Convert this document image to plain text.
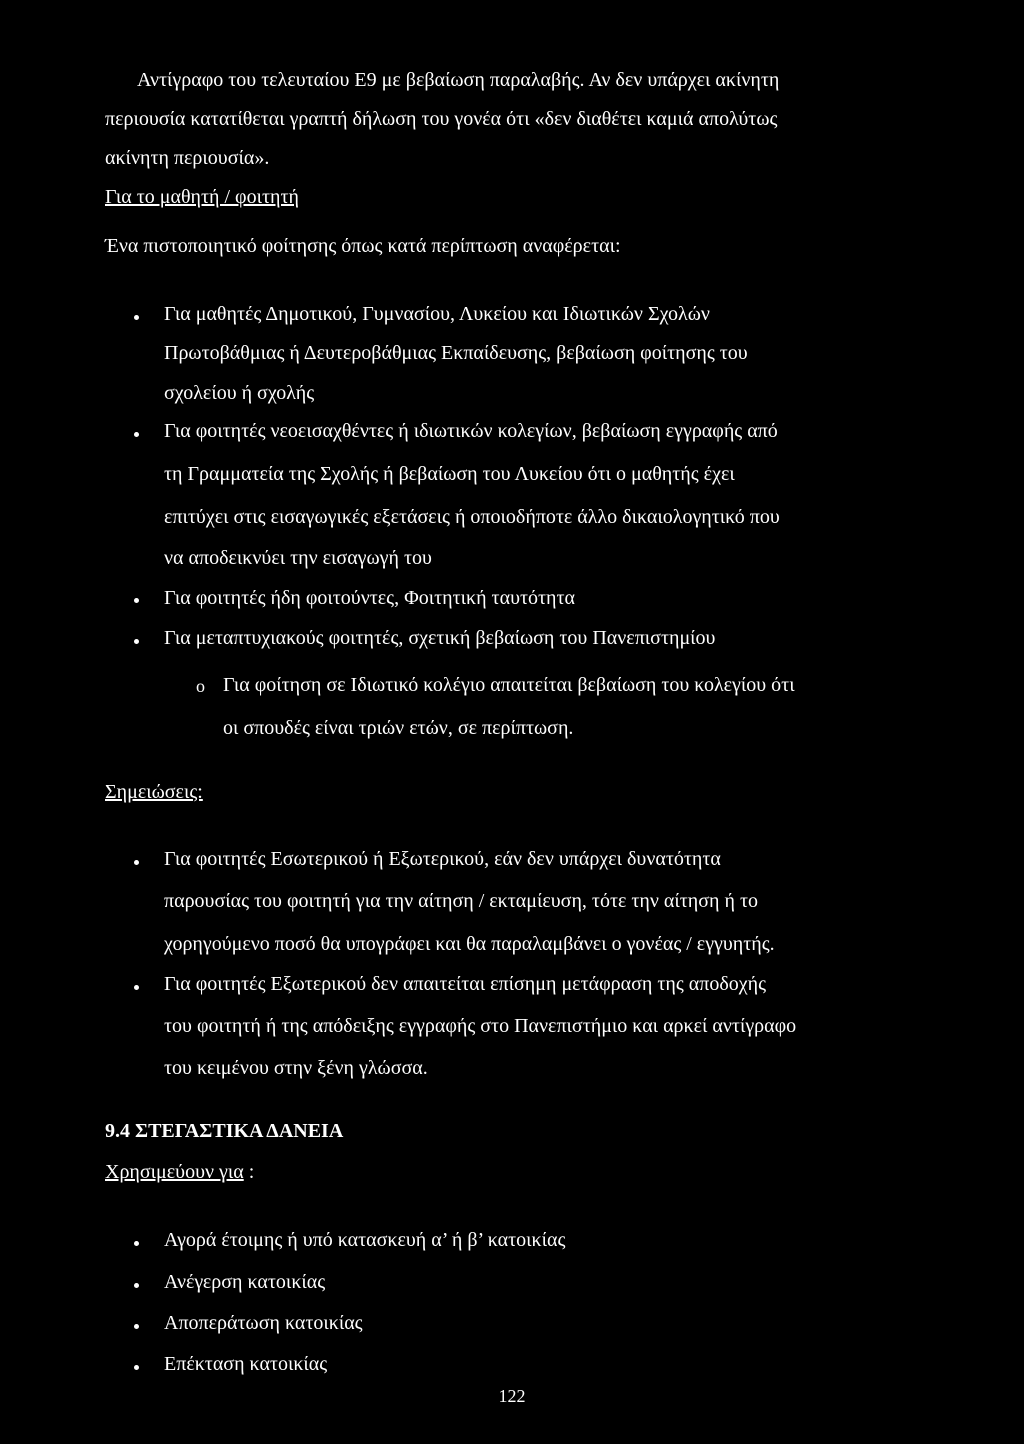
Αντίγραφο του τελευταίου Ε9 με βεβαίωση παραλαβής. Αν δεν υπάρχει ακίνητη

περιουσία κατατίθεται γραπτή δήλωση του γονέα ότι «δεν διαθέτει καμιά απολύτως

ακίνητη περιουσία».

Για το μαθητή / φοιτητή

Ένα πιστοποιητικό φοίτησης όπως κατά περίπτωση αναφέρεται:

Για μαθητές Δημοτικού, Γυμνασίου, Λυκείου και Ιδιωτικών Σχολών

Πρωτοβάθμιας ή Δευτεροβάθμιας Εκπαίδευσης, βεβαίωση φοίτησης του

σχολείου ή σχολής

Για φοιτητές νεοεισαχθέντες ή ιδιωτικών κολεγίων, βεβαίωση εγγραφής από

τη Γραμματεία της Σχολής ή βεβαίωση του Λυκείου ότι ο μαθητής έχει

επιτύχει στις εισαγωγικές εξετάσεις ή οποιοδήποτε άλλο δικαιολογητικό που

να αποδεικνύει την εισαγωγή του

Για φοιτητές ήδη φοιτούντες, Φοιτητική ταυτότητα

Για μεταπτυχιακούς φοιτητές, σχετική βεβαίωση του Πανεπιστημίου

o Για φοίτηση σε Ιδιωτικό κολέγιο απαιτείται βεβαίωση του κολεγίου ότι

οι σπουδές είναι τριών ετών, σε περίπτωση.

Σημειώσεις:

Για φοιτητές Εσωτερικού ή Εξωτερικού, εάν δεν υπάρχει δυνατότητα

παρουσίας του φοιτητή για την αίτηση / εκταμίευση, τότε την αίτηση ή το

χορηγούμενο ποσό θα υπογράφει και θα παραλαμβάνει ο γονέας / εγγυητής.

Για φοιτητές Εξωτερικού δεν απαιτείται επίσημη μετάφραση της αποδοχής

του φοιτητή ή της απόδειξης εγγραφής στο Πανεπιστήμιο και αρκεί αντίγραφο

του κειμένου στην ξένη γλώσσα.

9.4 ΣΤΕΓΑΣΤΙΚΑ ΔΑΝΕΙΑ

Χρησιμεύουν για :

Αγορά έτοιμης ή υπό κατασκευή α’ ή β’ κατοικίας

Ανέγερση κατοικίας

Αποπεράτωση κατοικίας

Επέκταση κατοικίας

122
